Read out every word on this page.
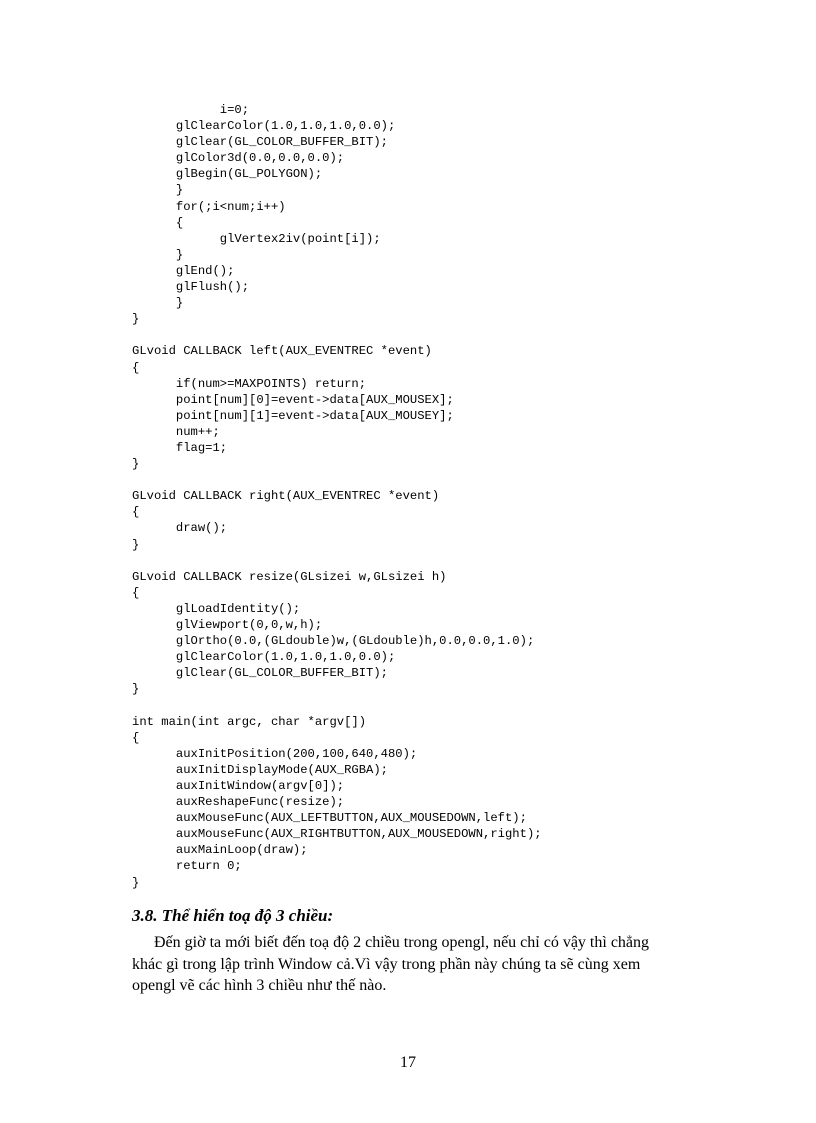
i=0;
glClearColor(1.0,1.0,1.0,0.0);
glClear(GL_COLOR_BUFFER_BIT);
glColor3d(0.0,0.0,0.0);
glBegin(GL_POLYGON);
}
for(;i<num;i++)
{
glVertex2iv(point[i]);
}
glEnd();
glFlush();
}
}
GLvoid CALLBACK left(AUX_EVENTREC *event)
{
if(num>=MAXPOINTS) return;
point[num][0]=event->data[AUX_MOUSEX];
point[num][1]=event->data[AUX_MOUSEY];
num++;
flag=1;
}
GLvoid CALLBACK right(AUX_EVENTREC *event)
{
draw();
}
GLvoid CALLBACK resize(GLsizei w,GLsizei h)
{
glLoadIdentity();
glViewport(0,0,w,h);
glOrtho(0.0,(GLdouble)w,(GLdouble)h,0.0,0.0,1.0);
glClearColor(1.0,1.0,1.0,0.0);
glClear(GL_COLOR_BUFFER_BIT);
}
int main(int argc, char *argv[])
{
auxInitPosition(200,100,640,480);
auxInitDisplayMode(AUX_RGBA);
auxInitWindow(argv[0]);
auxReshapeFunc(resize);
auxMouseFunc(AUX_LEFTBUTTON,AUX_MOUSEDOWN,left);
auxMouseFunc(AUX_RIGHTBUTTON,AUX_MOUSEDOWN,right);
auxMainLoop(draw);
return 0;
}
3.8. Thể hiển toạ độ 3 chiều:
Đến giờ ta mới biết đến toạ độ 2 chiều trong opengl, nếu chỉ có vậy thì chẳng
khác gì trong lập trình Window cả.Vì vậy trong phần này chúng ta sẽ cùng xem
opengl vẽ các hình 3 chiều như thế nào.
17
